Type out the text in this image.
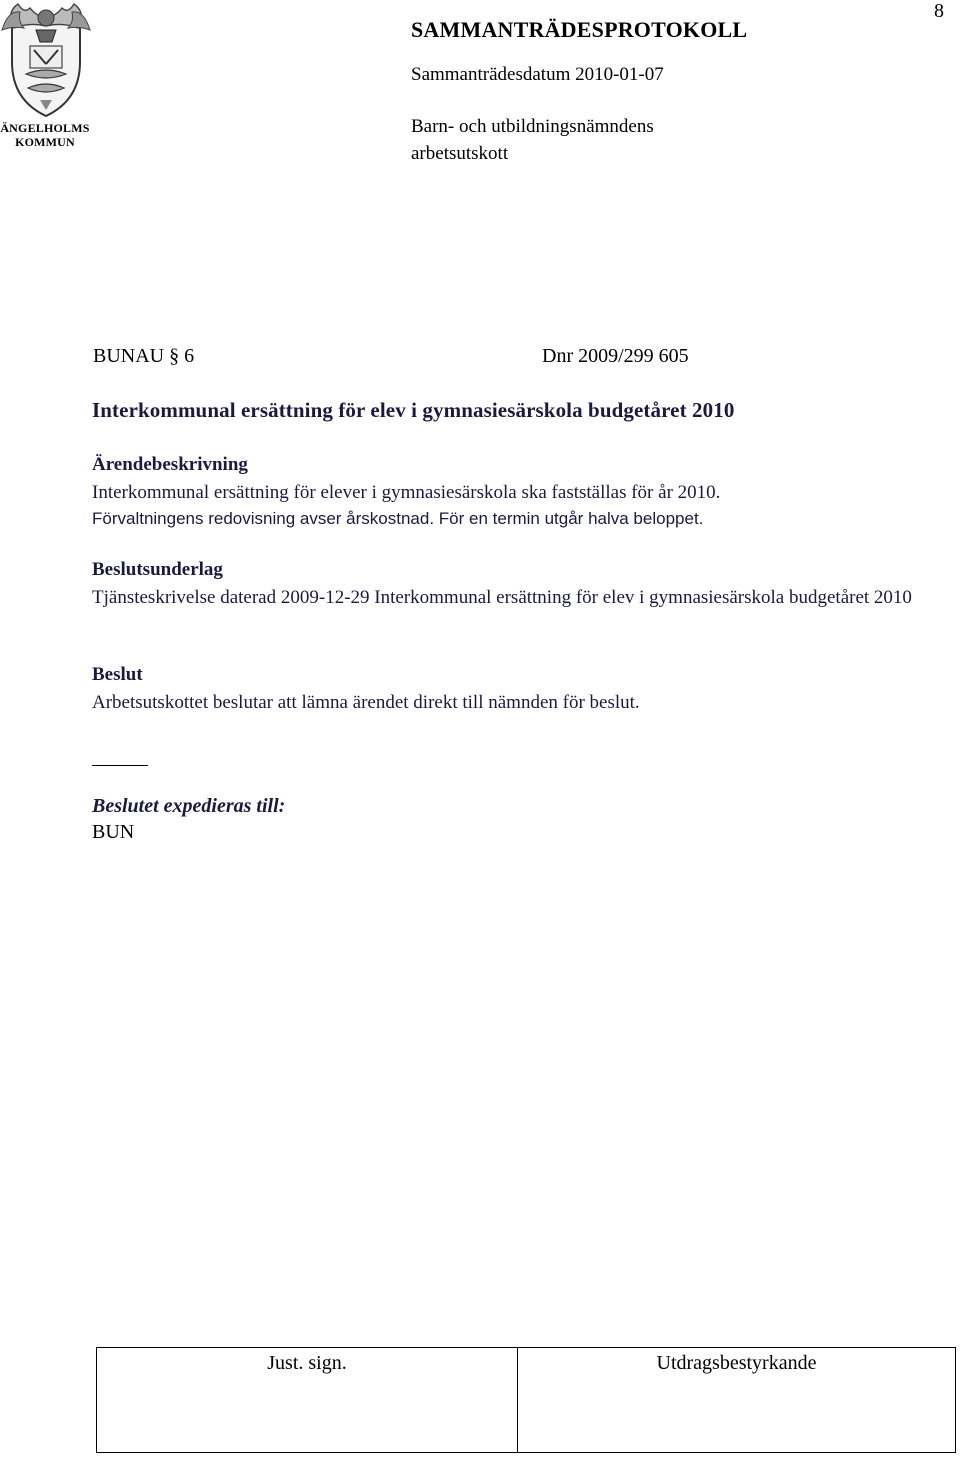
8
ÄNGELHOLMS
KOMMUN
SAMMANTRÄDESPROTOKOLL
Sammanträdesdatum 2010-01-07
Barn- och utbildningsnämndens
arbetsutskott
BUNAU § 6	Dnr 2009/299 605
Interkommunal ersättning för elev i gymnasiesärskola budgetåret 2010
Ärendebeskrivning
Interkommunal ersättning för elever i gymnasiesärskola ska fastställas för år 2010.
Förvaltningens redovisning avser årskostnad. För en termin utgår halva beloppet.
Beslutsunderlag
Tjänsteskrivelse daterad 2009-12-29 Interkommunal ersättning för elev i gymnasiesärskola budgetåret 2010
Beslut
Arbetsutskottet beslutar att lämna ärendet direkt till nämnden för beslut.
Beslutet expedieras till:
BUN
Just. sign.	Utdragsbestyrkande
